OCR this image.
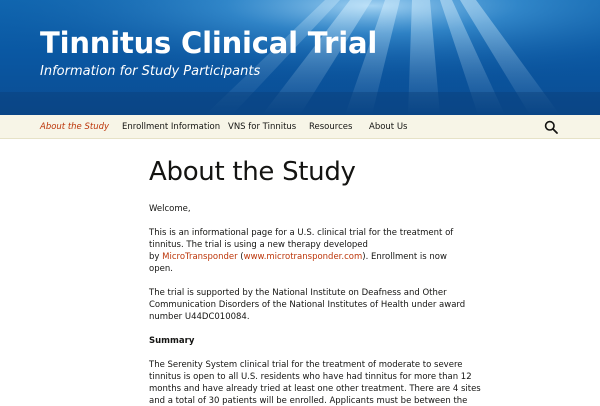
Tinnitus Clinical Trial
Information for Study Participants
About the Study Enrollment Information VNS for Tinnitus Resources About Us
About the Study
Welcome,
This is an informational page for a U.S. clinical trial for the treatment of
tinnitus. The trial is using a new therapy developed
by MicroTransponder (www.microtransponder.com). Enrollment is now
open.
The trial is supported by the National Institute on Deafness and Other
Communication Disorders of the National Institutes of Health under award
number U44DC010084.
Summary
The Serenity System clinical trial for the treatment of moderate to severe
tinnitus is open to all U.S. residents who have had tinnitus for more than 12
months and have already tried at least one other treatment. There are 4 sites
and a total of 30 patients will be enrolled. Applicants must be between the
